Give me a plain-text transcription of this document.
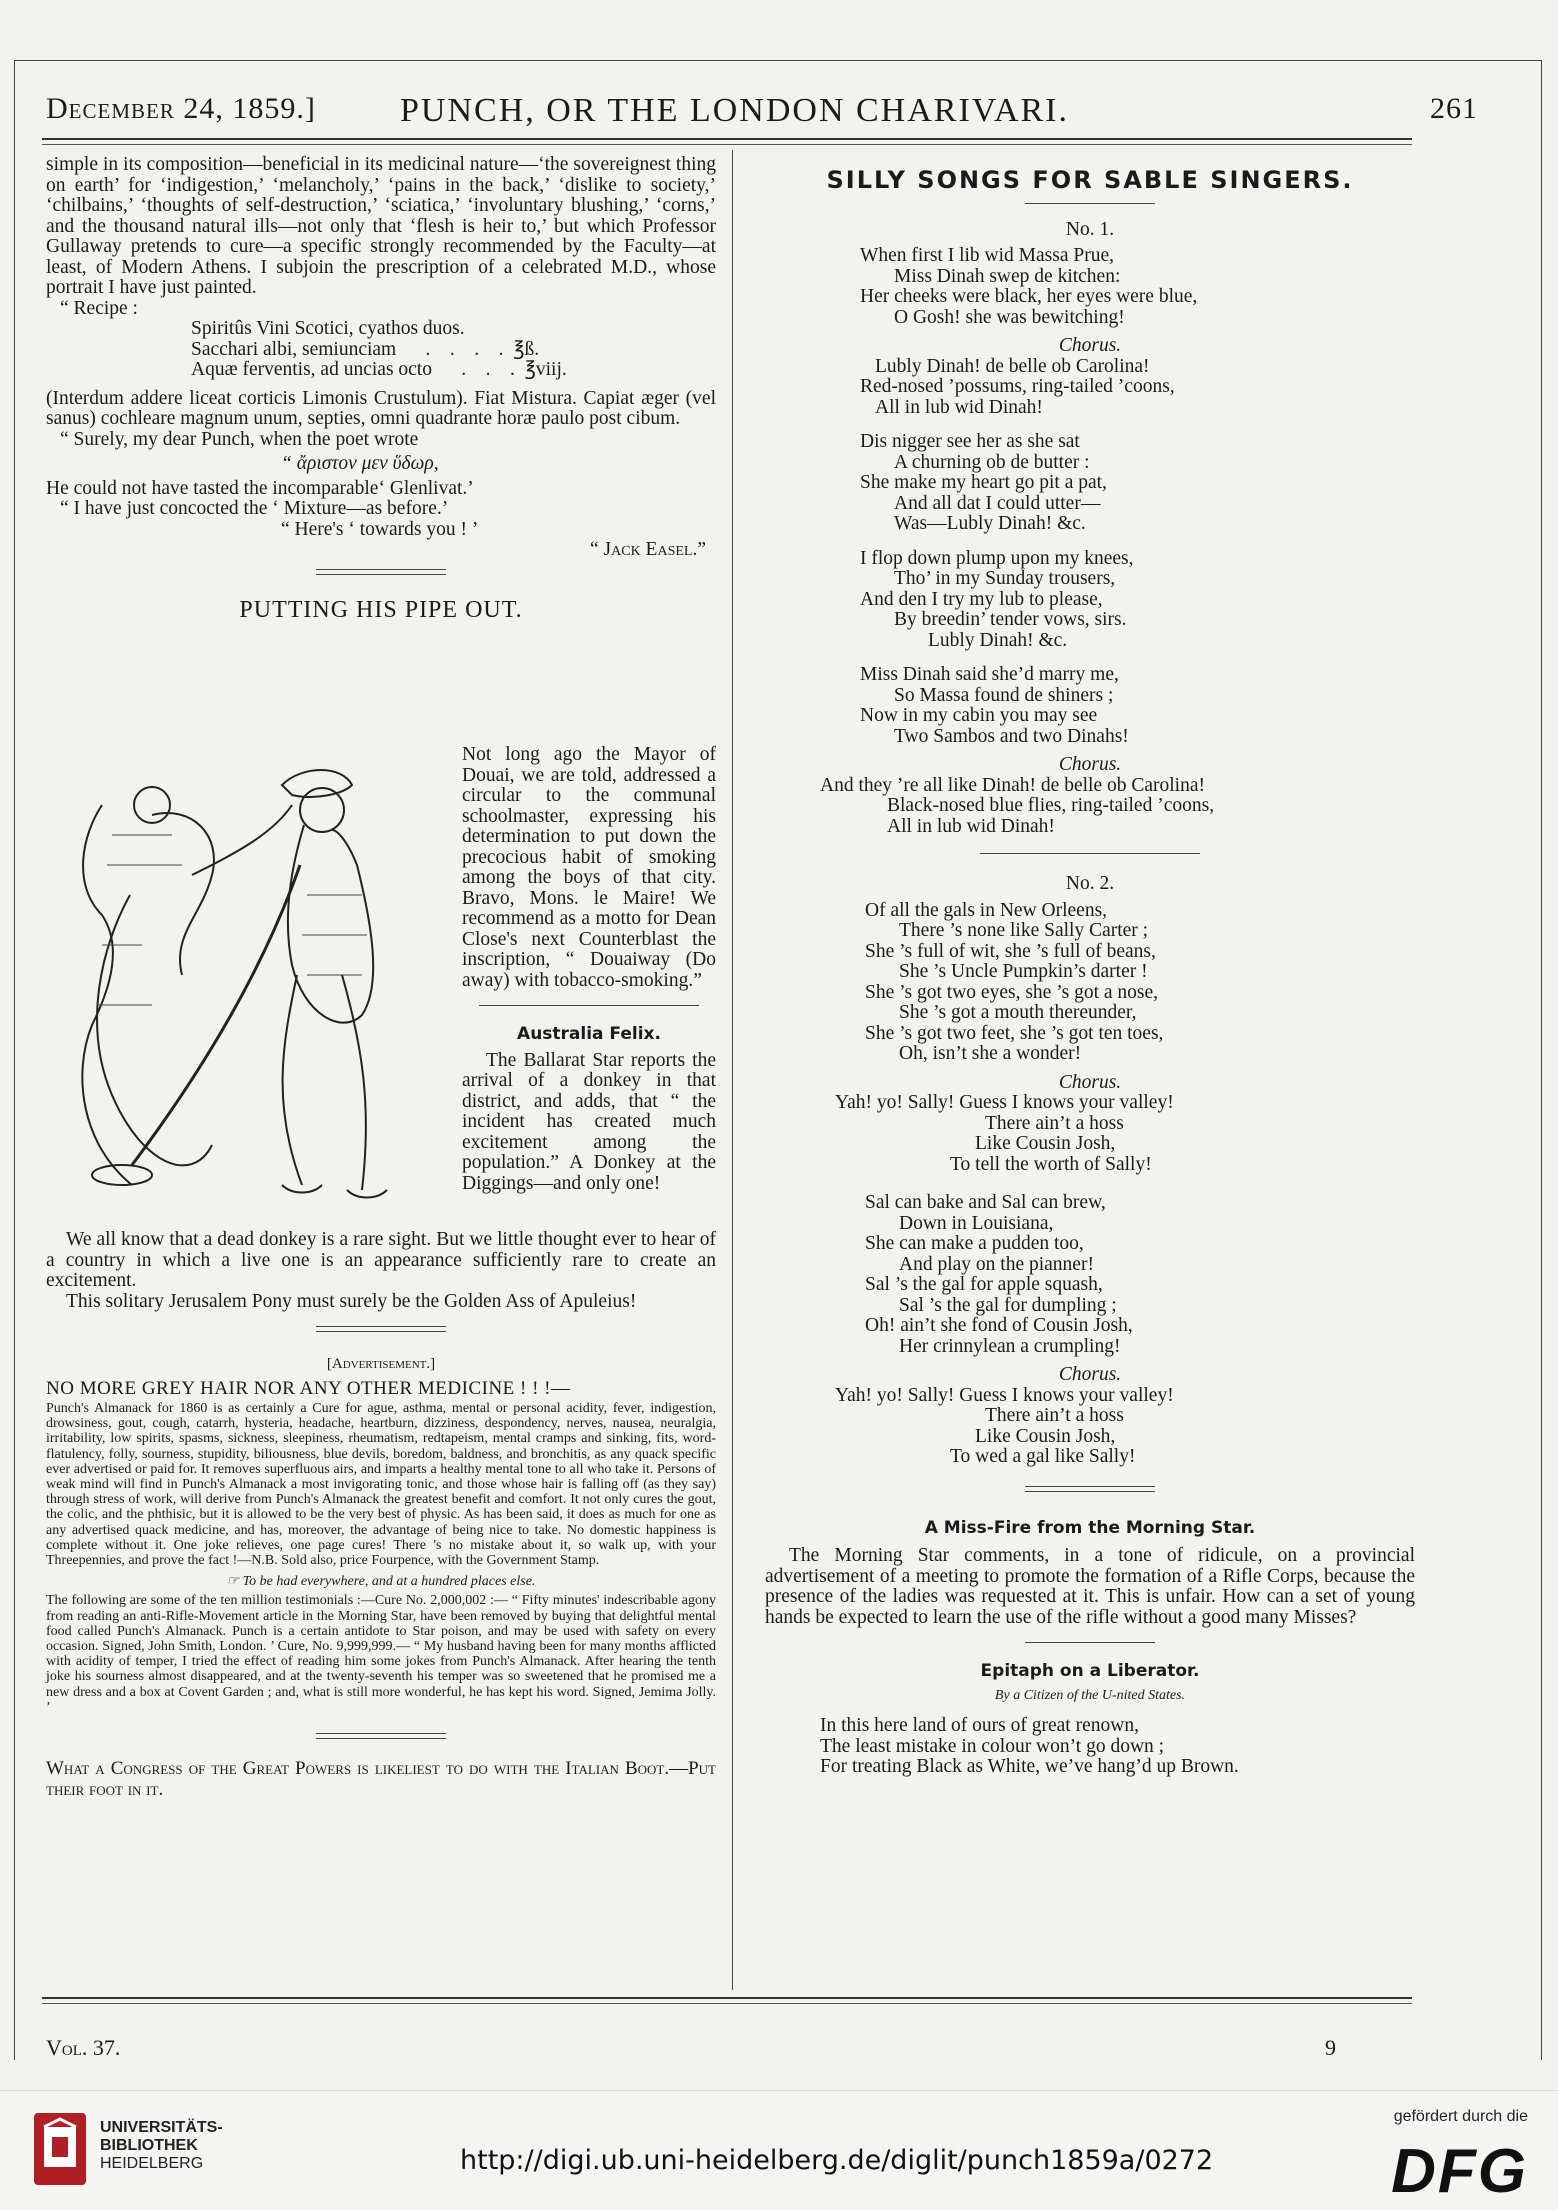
December 24, 1859.] PUNCH, OR THE LONDON CHARIVARI.	261

simple in its composition—beneficial in its medicinal nature—‘the sovereignest thing on earth’ for ‘indigestion,’ ‘melancholy,’ ‘pains in the back,’ ‘dislike to society,’ ‘chilbains,’ ‘thoughts of self-destruction,’ ‘sciatica,’ ‘involuntary blushing,’ ‘corns,’ and the thousand natural ills—not only that ‘flesh is heir to,’ but which Professor Gullaway pretends to cure—a specific strongly recommended by the Faculty—at least, of Modern Athens. I subjoin the prescription of a celebrated M.D., whose portrait I have just painted.

“ Recipe :

Spiritûs Vini Scotici, cyathos duos.

Sacchari albi, semiunciam      .    .    .    .  ℥ß.

Aquæ ferventis, ad uncias octo      .    .    .  ℥viij.

(Interdum addere liceat corticis Limonis Crustulum). Fiat Mistura. Capiat æger (vel sanus) cochleare magnum unum, septies, omni quadrante horæ paulo post cibum.

“ Surely, my dear Punch, when the poet wrote

“ ἄριστον μεν ὕδωρ,

He could not have tasted the incomparable‘ Glenlivat.’

“ I have just concocted the ‘ Mixture—as before.’

“ Here's ‘ towards you ! ’

“ Jack Easel.”

PUTTING HIS PIPE OUT.

Not long ago the Mayor of Douai, we are told, addressed a circular to the communal schoolmaster, expressing his determination to put down the precocious habit of smoking among the boys of that city. Bravo, Mons. le Maire! We recommend as a motto for Dean Close's next Counterblast the inscription, “ Douaiway (Do away) with tobacco-smoking.”

Australia Felix.

The Ballarat Star reports the arrival of a donkey in that district, and adds, that “ the incident has created much excitement among the population.” A Donkey at the Diggings—and only one!

We all know that a dead donkey is a rare sight. But we little thought ever to hear of a country in which a live one is an appearance sufficiently rare to create an excitement.

This solitary Jerusalem Pony must surely be the Golden Ass of Apuleius!

[Advertisement.]

NO MORE GREY HAIR NOR ANY OTHER MEDICINE ! ! !—

Punch's Almanack for 1860 is as certainly a Cure for ague, asthma, mental or personal acidity, fever, indigestion, drowsiness, gout, cough, catarrh, hysteria, headache, heartburn, dizziness, despondency, nerves, nausea, neuralgia, irritability, low spirits, spasms, sickness, sleepiness, rheumatism, redtapeism, mental cramps and sinking, fits, word-flatulency, folly, sourness, stupidity, biliousness, blue devils, boredom, baldness, and bronchitis, as any quack specific ever advertised or paid for. It removes superfluous airs, and imparts a healthy mental tone to all who take it. Persons of weak mind will find in Punch's Almanack a most invigorating tonic, and those whose hair is falling off (as they say) through stress of work, will derive from Punch's Almanack the greatest benefit and comfort. It not only cures the gout, the colic, and the phthisic, but it is allowed to be the very best of physic. As has been said, it does as much for one as any advertised quack medicine, and has, moreover, the advantage of being nice to take. No domestic happiness is complete without it. One joke relieves, one page cures! There 's no mistake about it, so walk up, with your Threepennies, and prove the fact !—N.B. Sold also, price Fourpence, with the Government Stamp.

☞ To be had everywhere, and at a hundred places else.

The following are some of the ten million testimonials :—Cure No. 2,000,002 :— “ Fifty minutes' indescribable agony from reading an anti-Rifle-Movement article in the Morning Star, have been removed by buying that delightful mental food called Punch's Almanack. Punch is a certain antidote to Star poison, and may be used with safety on every occasion. Signed, John Smith, London. ’ Cure, No. 9,999,999.— “ My husband having been for many months afflicted with acidity of temper, I tried the effect of reading him some jokes from Punch's Almanack. After hearing the tenth joke his sourness almost disappeared, and at the twenty-seventh his temper was so sweetened that he promised me a new dress and a box at Covent Garden ; and, what is still more wonderful, he has kept his word. Signed, Jemima Jolly. ’

What a Congress of the Great Powers is likeliest to do with the Italian Boot.—Put their foot in it.

SILLY SONGS FOR SABLE SINGERS.

No. 1.

When first I lib wid Massa Prue,

Miss Dinah swep de kitchen:

Her cheeks were black, her eyes were blue,

O Gosh! she was bewitching!

Chorus.

Lubly Dinah! de belle ob Carolina!

Red-nosed ’possums, ring-tailed ’coons,

All in lub wid Dinah!

Dis nigger see her as she sat

A churning ob de butter :

She make my heart go pit a pat,

And all dat I could utter—

Was—Lubly Dinah! &c.

I flop down plump upon my knees,

Tho’ in my Sunday trousers,

And den I try my lub to please,

By breedin’ tender vows, sirs.

Lubly Dinah! &c.

Miss Dinah said she’d marry me,

So Massa found de shiners ;

Now in my cabin you may see

Two Sambos and two Dinahs!

Chorus.

And they ’re all like Dinah! de belle ob Carolina!

Black-nosed blue flies, ring-tailed ’coons,

All in lub wid Dinah!

No. 2.

Of all the gals in New Orleens,

There ’s none like Sally Carter ;

She ’s full of wit, she ’s full of beans,

She ’s Uncle Pumpkin’s darter !

She ’s got two eyes, she ’s got a nose,

She ’s got a mouth thereunder,

She ’s got two feet, she ’s got ten toes,

Oh, isn’t she a wonder!

Chorus.

Yah! yo! Sally! Guess I knows your valley!

There ain’t a hoss

Like Cousin Josh,

To tell the worth of Sally!

Sal can bake and Sal can brew,

Down in Louisiana,

She can make a pudden too,

And play on the pianner!

Sal ’s the gal for apple squash,

Sal ’s the gal for dumpling ;

Oh! ain’t she fond of Cousin Josh,

Her crinnylean a crumpling!

Chorus.

Yah! yo! Sally! Guess I knows your valley!

There ain’t a hoss

Like Cousin Josh,

To wed a gal like Sally!

A Miss-Fire from the Morning Star.

The Morning Star comments, in a tone of ridicule, on a provincial advertisement of a meeting to promote the formation of a Rifle Corps, because the presence of the ladies was requested at it. This is unfair. How can a set of young hands be expected to learn the use of the rifle without a good many Misses?

Epitaph on a Liberator.

By a Citizen of the U-nited States.

In this here land of ours of great renown,

The least mistake in colour won’t go down ;

For treating Black as White, we’ve hang’d up Brown.

Vol. 37.	9
UNIVERSITÄTS-
BIBLIOTHEK
HEIDELBERG	http://digi.ub.uni-heidelberg.de/diglit/punch1859a/0272
gefördert durch die
DFG
